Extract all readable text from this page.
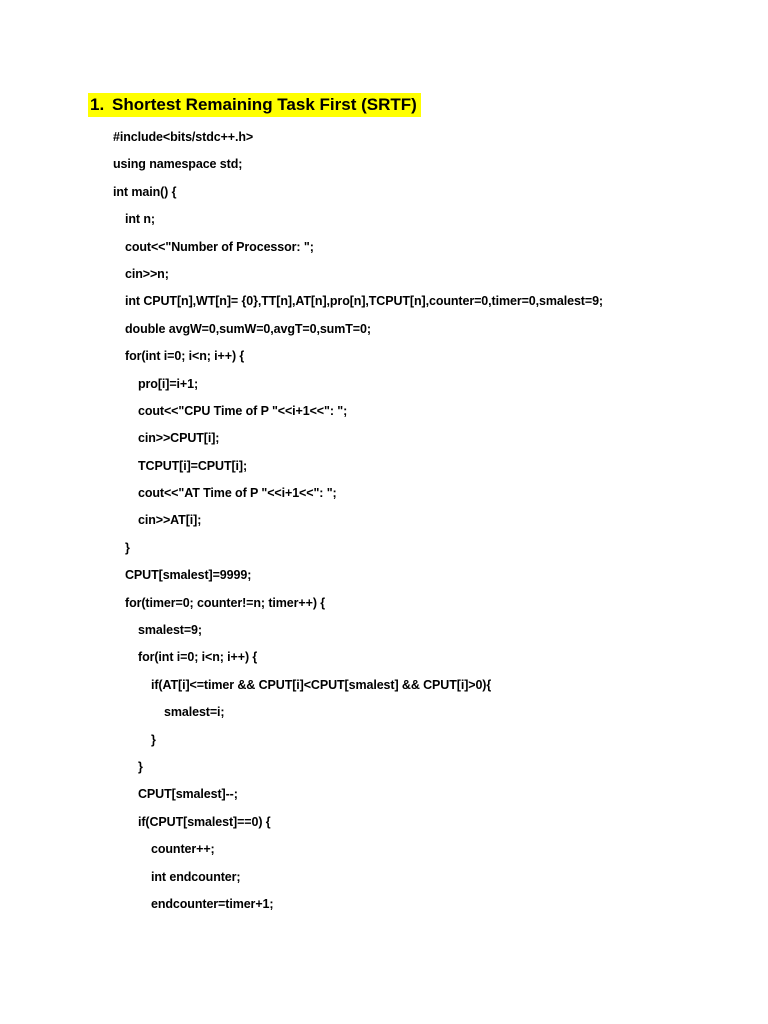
1. Shortest Remaining Task First (SRTF)
#include<bits/stdc++.h>
using namespace std;
int main() {
int n;
cout<<"Number of Processor: ";
cin>>n;
int CPUT[n],WT[n]= {0},TT[n],AT[n],pro[n],TCPUT[n],counter=0,timer=0,smalest=9;
double avgW=0,sumW=0,avgT=0,sumT=0;
for(int i=0; i<n; i++) {
pro[i]=i+1;
cout<<"CPU Time of P "<<i+1<<": ";
cin>>CPUT[i];
TCPUT[i]=CPUT[i];
cout<<"AT Time of P "<<i+1<<": ";
cin>>AT[i];
}
CPUT[smalest]=9999;
for(timer=0; counter!=n; timer++) {
smalest=9;
for(int i=0; i<n; i++) {
if(AT[i]<=timer && CPUT[i]<CPUT[smalest] && CPUT[i]>0){
smalest=i;
}
}
CPUT[smalest]--;
if(CPUT[smalest]==0) {
counter++;
int endcounter;
endcounter=timer+1;
